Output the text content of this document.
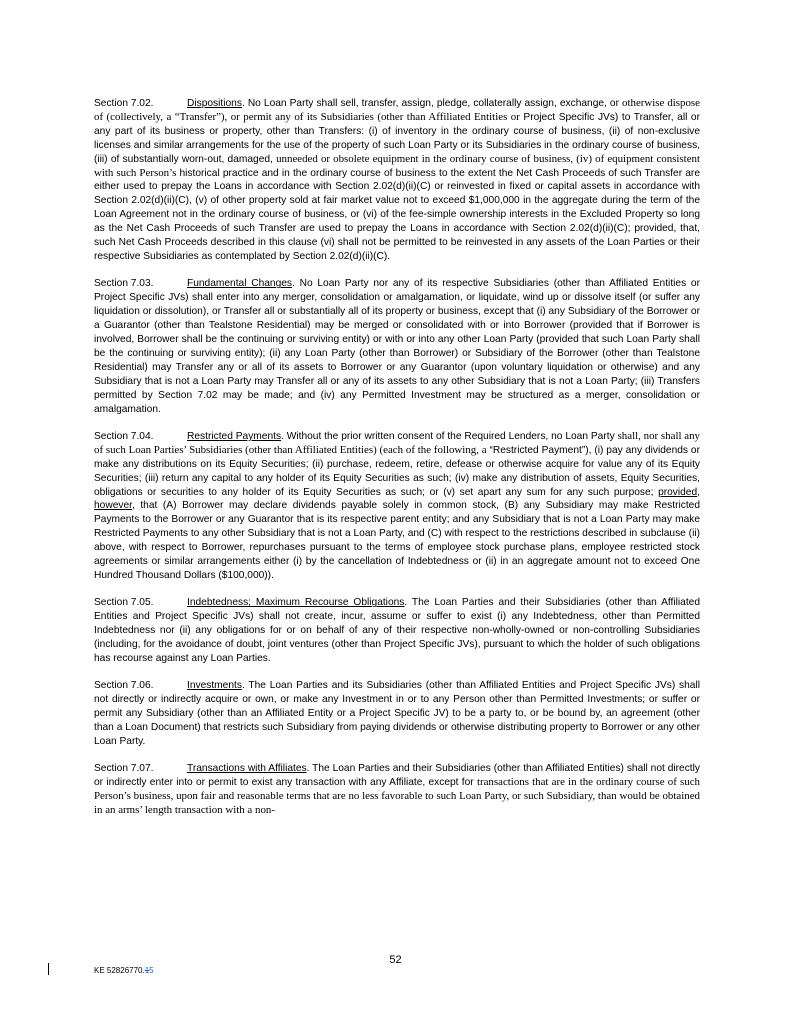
Section 7.02.	Dispositions. No Loan Party shall sell, transfer, assign, pledge, collaterally assign, exchange, or otherwise dispose of (collectively, a “Transfer”), or permit any of its Subsidiaries (other than Affiliated Entities or Project Specific JVs) to Transfer, all or any part of its business or property, other than Transfers: (i) of inventory in the ordinary course of business, (ii) of non-exclusive licenses and similar arrangements for the use of the property of such Loan Party or its Subsidiaries in the ordinary course of business, (iii) of substantially worn-out, damaged, unneeded or obsolete equipment in the ordinary course of business, (iv) of equipment consistent with such Person’s historical practice and in the ordinary course of business to the extent the Net Cash Proceeds of such Transfer are either used to prepay the Loans in accordance with Section 2.02(d)(ii)(C) or reinvested in fixed or capital assets in accordance with Section 2.02(d)(ii)(C), (v) of other property sold at fair market value not to exceed $1,000,000 in the aggregate during the term of the Loan Agreement not in the ordinary course of business, or (vi) of the fee-simple ownership interests in the Excluded Property so long as the Net Cash Proceeds of such Transfer are used to prepay the Loans in accordance with Section 2.02(d)(ii)(C); provided, that, such Net Cash Proceeds described in this clause (vi) shall not be permitted to be reinvested in any assets of the Loan Parties or their respective Subsidiaries as contemplated by Section 2.02(d)(ii)(C).

Section 7.03.	Fundamental Changes. No Loan Party nor any of its respective Subsidiaries (other than Affiliated Entities or Project Specific JVs) shall enter into any merger, consolidation or amalgamation, or liquidate, wind up or dissolve itself (or suffer any liquidation or dissolution), or Transfer all or substantially all of its property or business, except that (i) any Subsidiary of the Borrower or a Guarantor (other than Tealstone Residential) may be merged or consolidated with or into Borrower (provided that if Borrower is involved, Borrower shall be the continuing or surviving entity) or with or into any other Loan Party (provided that such Loan Party shall be the continuing or surviving entity); (ii) any Loan Party (other than Borrower) or Subsidiary of the Borrower (other than Tealstone Residential) may Transfer any or all of its assets to Borrower or any Guarantor (upon voluntary liquidation or otherwise) and any Subsidiary that is not a Loan Party may Transfer all or any of its assets to any other Subsidiary that is not a Loan Party; (iii) Transfers permitted by Section 7.02 may be made; and (iv) any Permitted Investment may be structured as a merger, consolidation or amalgamation.

Section 7.04.	Restricted Payments. Without the prior written consent of the Required Lenders, no Loan Party shall, nor shall any of such Loan Parties’ Subsidiaries (other than Affiliated Entities) (each of the following, a “Restricted Payment”), (i) pay any dividends or make any distributions on its Equity Securities; (ii) purchase, redeem, retire, defease or otherwise acquire for value any of its Equity Securities; (iii) return any capital to any holder of its Equity Securities as such; (iv) make any distribution of assets, Equity Securities, obligations or securities to any holder of its Equity Securities as such; or (v) set apart any sum for any such purpose; provided, however, that (A) Borrower may declare dividends payable solely in common stock, (B) any Subsidiary may make Restricted Payments to the Borrower or any Guarantor that is its respective parent entity; and any Subsidiary that is not a Loan Party may make Restricted Payments to any other Subsidiary that is not a Loan Party, and (C) with respect to the restrictions described in subclause (ii) above, with respect to Borrower, repurchases pursuant to the terms of employee stock purchase plans, employee restricted stock agreements or similar arrangements either (i) by the cancellation of Indebtedness or (ii) in an aggregate amount not to exceed One Hundred Thousand Dollars ($100,000)).

Section 7.05.	Indebtedness; Maximum Recourse Obligations. The Loan Parties and their Subsidiaries (other than Affiliated Entities and Project Specific JVs) shall not create, incur, assume or suffer to exist (i) any Indebtedness, other than Permitted Indebtedness nor (ii) any obligations for or on behalf of any of their respective non-wholly-owned or non-controlling Subsidiaries (including, for the avoidance of doubt, joint ventures (other than Project Specific JVs), pursuant to which the holder of such obligations has recourse against any Loan Parties.

Section 7.06.	Investments. The Loan Parties and its Subsidiaries (other than Affiliated Entities and Project Specific JVs) shall not directly or indirectly acquire or own, or make any Investment in or to any Person other than Permitted Investments; or suffer or permit any Subsidiary (other than an Affiliated Entity or a Project Specific JV) to be a party to, or be bound by, an agreement (other than a Loan Document) that restricts such Subsidiary from paying dividends or otherwise distributing property to Borrower or any other Loan Party.

Section 7.07.	Transactions with Affiliates. The Loan Parties and their Subsidiaries (other than Affiliated Entities) shall not directly or indirectly enter into or permit to exist any transaction with any Affiliate, except for transactions that are in the ordinary course of such Person’s business, upon fair and reasonable terms that are no less favorable to such Loan Party, or such Subsidiary, than would be obtained in an arms’ length transaction with a non-

52
KE 52826770.15
